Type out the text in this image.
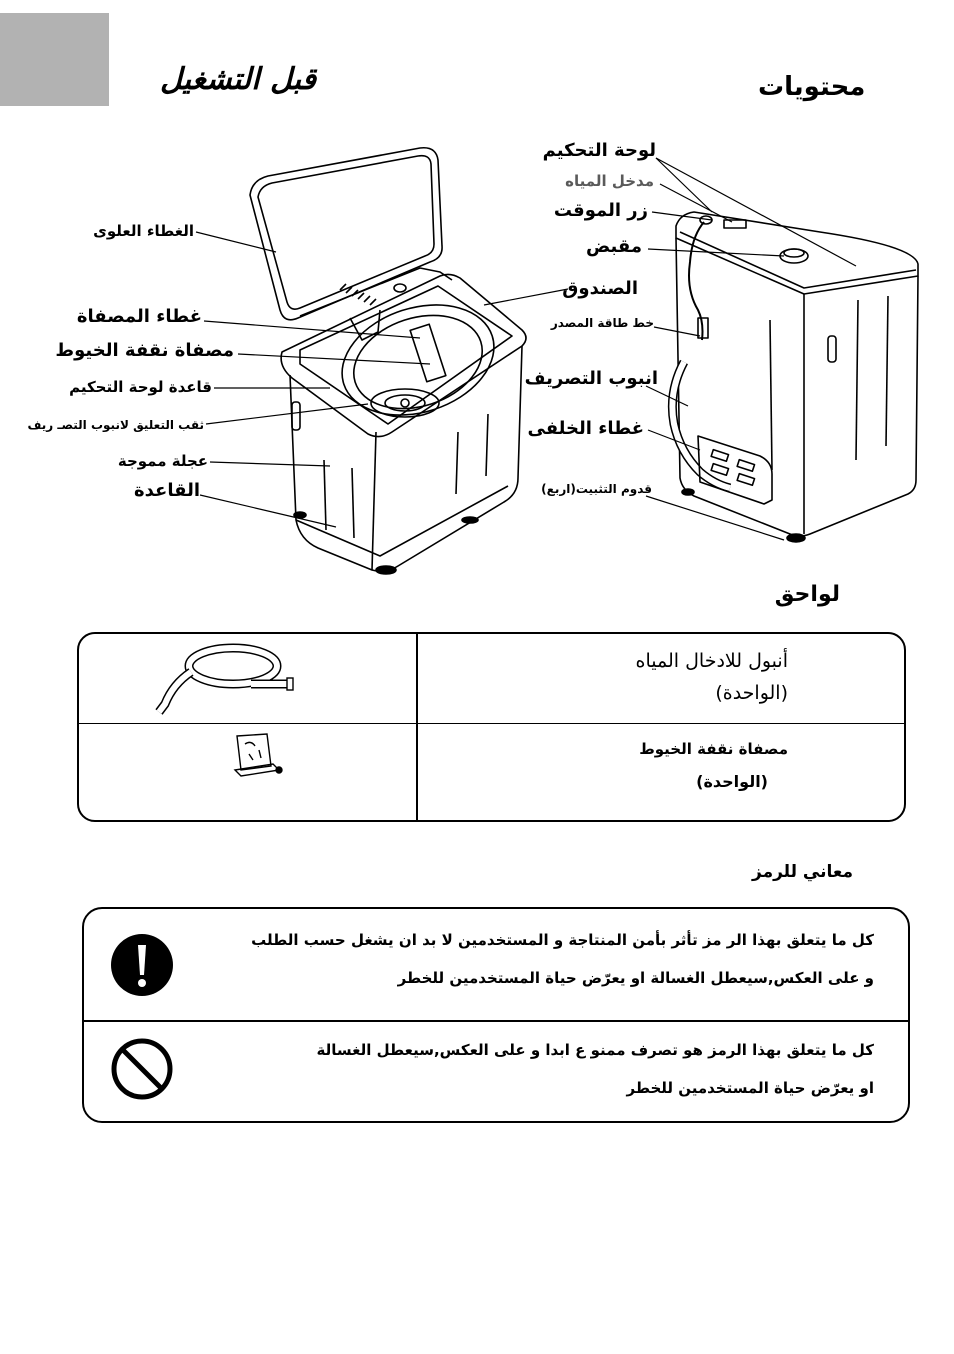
قبل التشغيل	محتويات
الغطاء العلوى
غطاء المصفاة
مصفاة نقفة الخيوط
قاعدة لوحة التحكيم
ثقب التعليق لانبوب التصـ ريف
عجلة مموجة
القاعدة
لوحة التحكيم
مدخل المياه
زر الموقت
مقبض
الصندوق
خط طاقة المصدر
انبوب التصريف
غطاء الخلفى
قدوم التثبيت(اربع)
لواحق
أنبول للادخال المياه
(الواحدة)
مصفاة نقفة الخيوط
(الواحدة)
معاني للرمز
كل ما يتعلق بهذا الر مز تأثر بأمن المنتاجة و المستخدمين لا بد ان يشغل حسب الطلب
و على العكس,سيعطل الغسالة او يعرّض حياة المستخدمين للخطر
كل ما يتعلق بهذا الرمز هو تصرف ممنو ع ابدا و على العكس,سيعطل الغسالة
او يعرّض حياة المستخدمين للخطر
